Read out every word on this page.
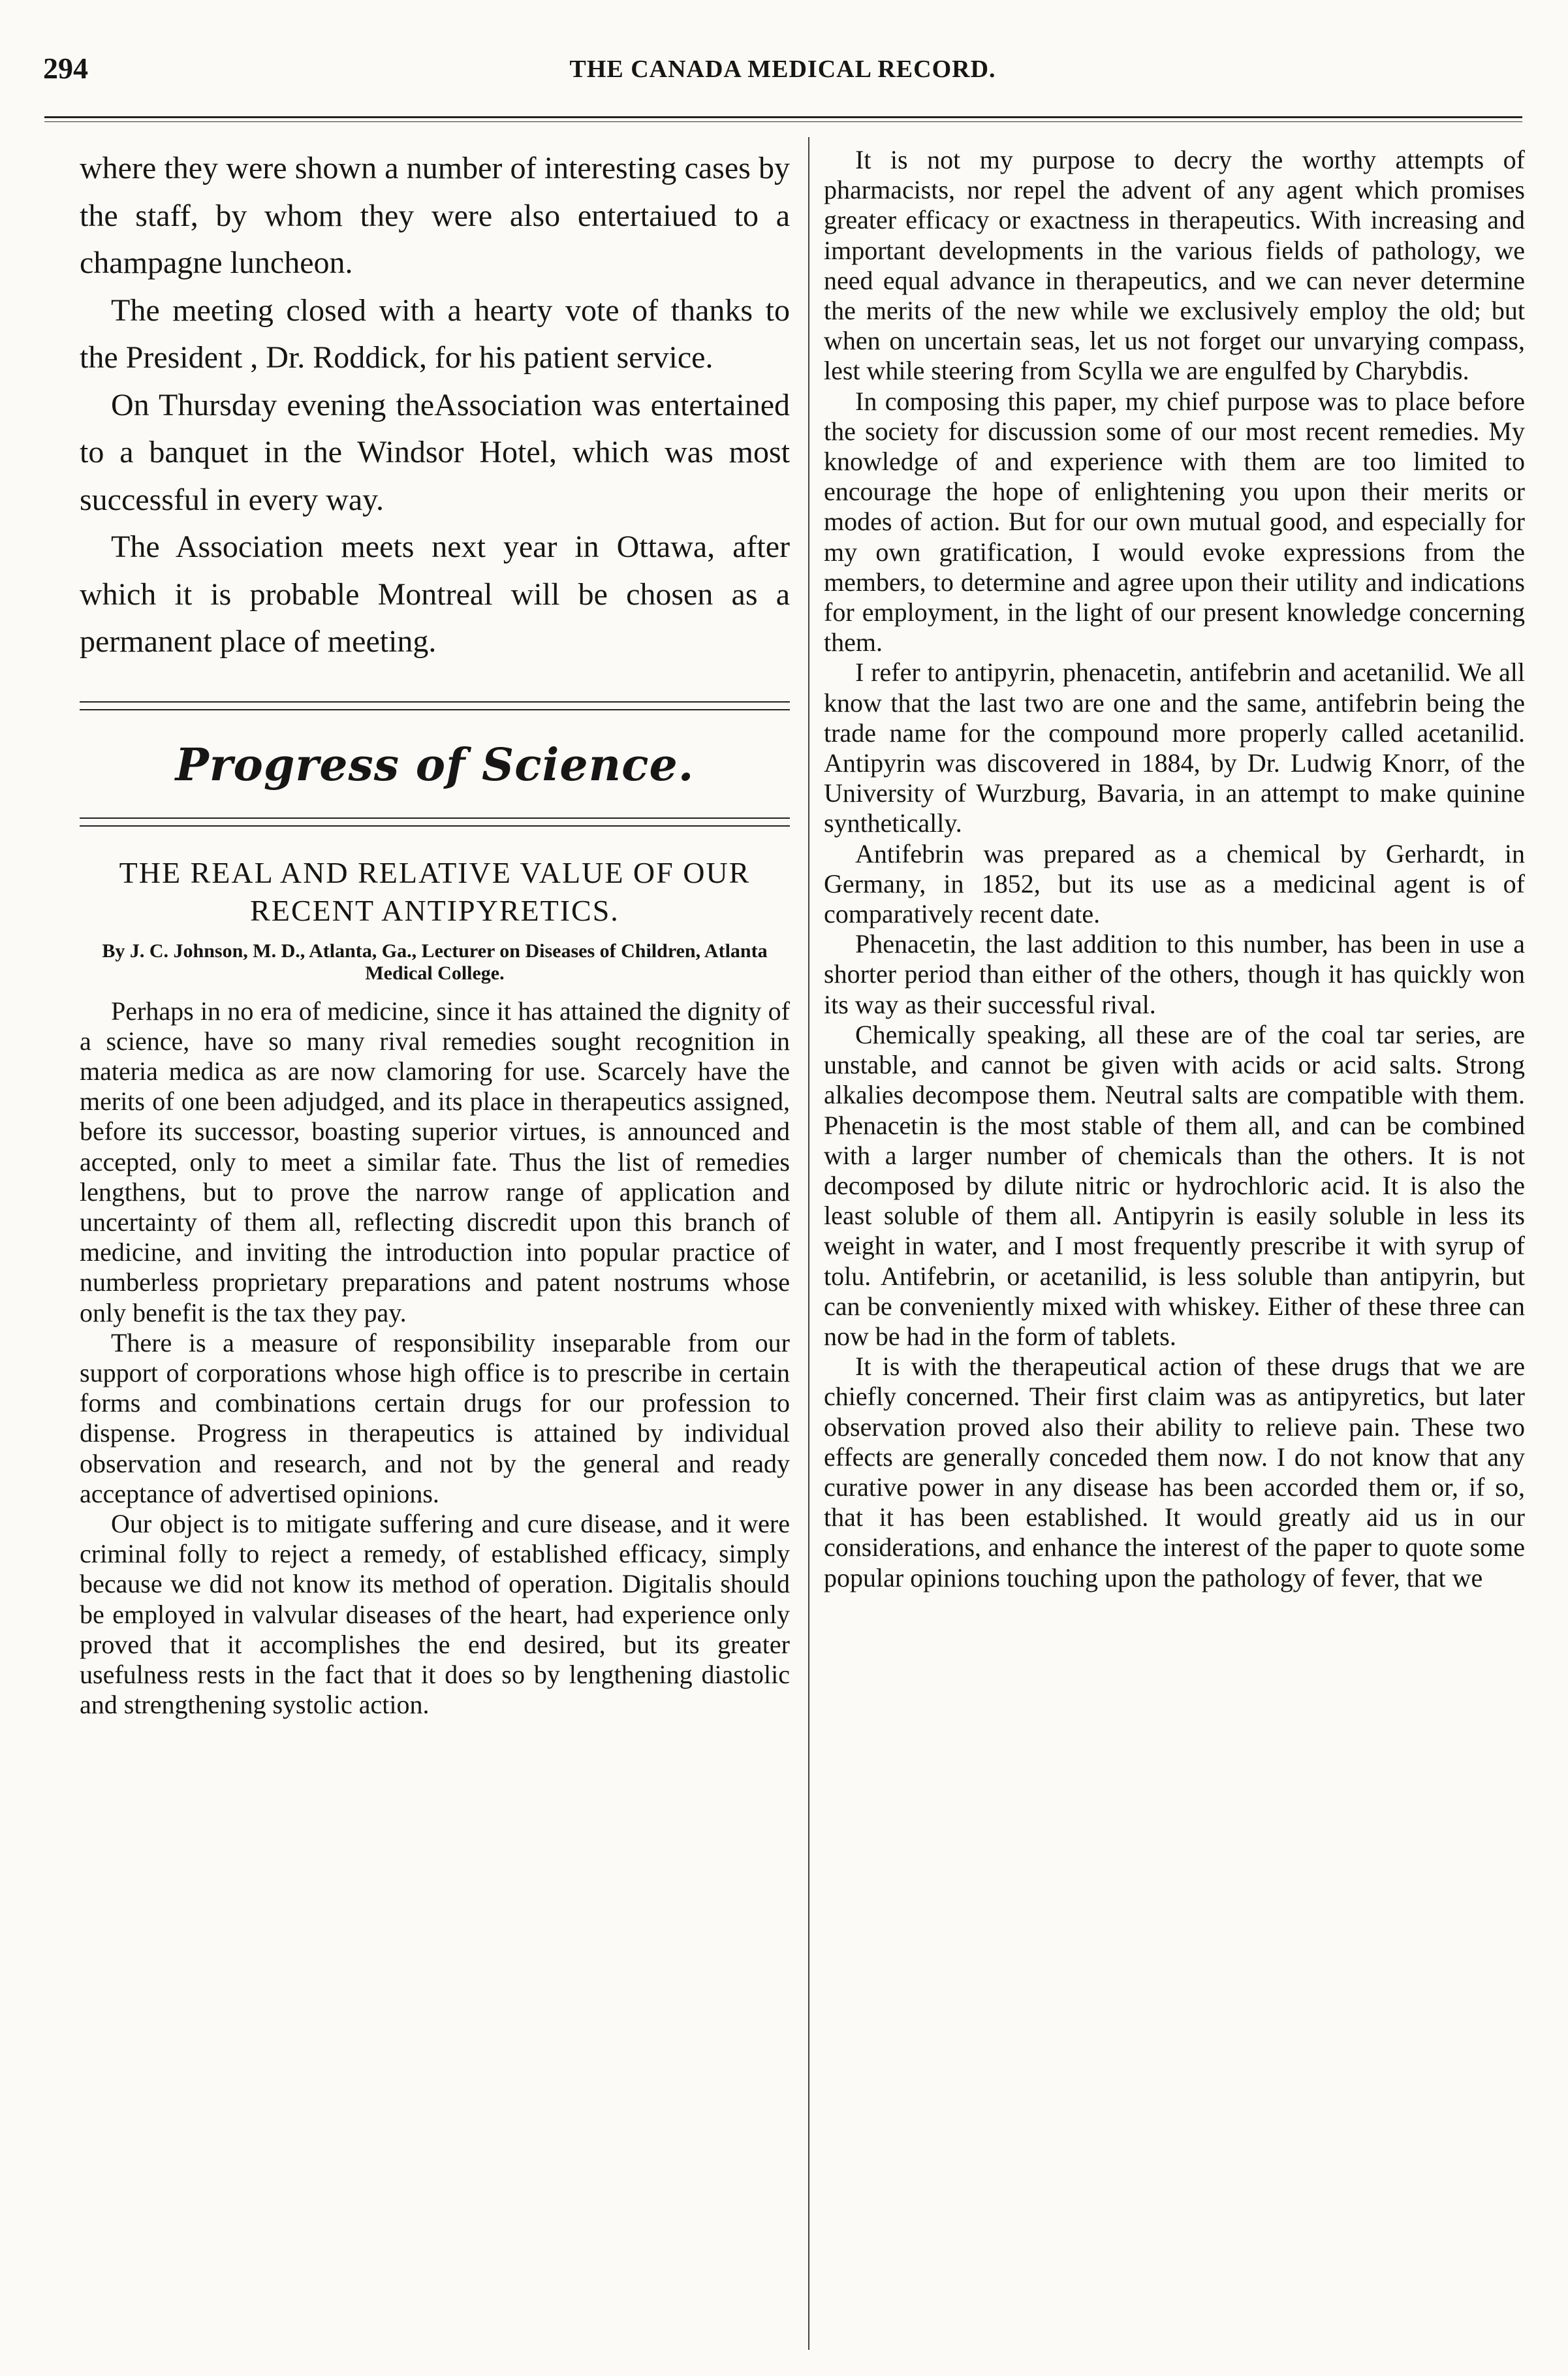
294	THE CANADA MEDICAL RECORD.

where they were shown a number of interesting cases by the staff, by whom they were also entertaiued to a champagne luncheon.

The meeting closed with a hearty vote of thanks to the President , Dr. Roddick, for his patient service.

On Thursday evening theAssociation was entertained to a banquet in the Windsor Hotel, which was most successful in every way.

The Association meets next year in Ottawa, after which it is probable Montreal will be chosen as a permanent place of meeting.

Progress of Science.
THE REAL AND RELATIVE VALUE OF OUR RECENT ANTIPYRETICS.
By J. C. Johnson, M. D., Atlanta, Ga., Lecturer on Diseases of Children, Atlanta Medical College.

Perhaps in no era of medicine, since it has attained the dignity of a science, have so many rival remedies sought recognition in materia medica as are now clamoring for use. Scarcely have the merits of one been adjudged, and its place in therapeutics assigned, before its successor, boasting superior virtues, is announced and accepted, only to meet a similar fate. Thus the list of remedies lengthens, but to prove the narrow range of application and uncertainty of them all, reflecting discredit upon this branch of medicine, and inviting the introduction into popular practice of numberless proprietary preparations and patent nostrums whose only benefit is the tax they pay.

There is a measure of responsibility inseparable from our support of corporations whose high office is to prescribe in certain forms and combinations certain drugs for our profession to dispense. Progress in therapeutics is attained by individual observation and research, and not by the general and ready acceptance of advertised opinions.

Our object is to mitigate suffering and cure disease, and it were criminal folly to reject a remedy, of established efficacy, simply because we did not know its method of operation. Digitalis should be employed in valvular diseases of the heart, had experience only proved that it accomplishes the end desired, but its greater usefulness rests in the fact that it does so by lengthening diastolic and strengthening systolic action.

It is not my purpose to decry the worthy attempts of pharmacists, nor repel the advent of any agent which promises greater efficacy or exactness in therapeutics. With increasing and important developments in the various fields of pathology, we need equal advance in therapeutics, and we can never determine the merits of the new while we exclusively employ the old; but when on uncertain seas, let us not forget our unvarying compass, lest while steering from Scylla we are engulfed by Charybdis.

In composing this paper, my chief purpose was to place before the society for discussion some of our most recent remedies. My knowledge of and experience with them are too limited to encourage the hope of enlightening you upon their merits or modes of action. But for our own mutual good, and especially for my own gratification, I would evoke expressions from the members, to determine and agree upon their utility and indications for employment, in the light of our present knowledge concerning them.

I refer to antipyrin, phenacetin, antifebrin and acetanilid. We all know that the last two are one and the same, antifebrin being the trade name for the compound more properly called acetanilid. Antipyrin was discovered in 1884, by Dr. Ludwig Knorr, of the University of Wurzburg, Bavaria, in an attempt to make quinine synthetically.

Antifebrin was prepared as a chemical by Gerhardt, in Germany, in 1852, but its use as a medicinal agent is of comparatively recent date.

Phenacetin, the last addition to this number, has been in use a shorter period than either of the others, though it has quickly won its way as their successful rival.

Chemically speaking, all these are of the coal tar series, are unstable, and cannot be given with acids or acid salts. Strong alkalies decompose them. Neutral salts are compatible with them. Phenacetin is the most stable of them all, and can be combined with a larger number of chemicals than the others. It is not decomposed by dilute nitric or hydrochloric acid. It is also the least soluble of them all. Antipyrin is easily soluble in less its weight in water, and I most frequently prescribe it with syrup of tolu. Antifebrin, or acetanilid, is less soluble than antipyrin, but can be conveniently mixed with whiskey. Either of these three can now be had in the form of tablets.

It is with the therapeutical action of these drugs that we are chiefly concerned. Their first claim was as antipyretics, but later observation proved also their ability to relieve pain. These two effects are generally conceded them now. I do not know that any curative power in any disease has been accorded them or, if so, that it has been established. It would greatly aid us in our considerations, and enhance the interest of the paper to quote some popular opinions touching upon the pathology of fever, that we
